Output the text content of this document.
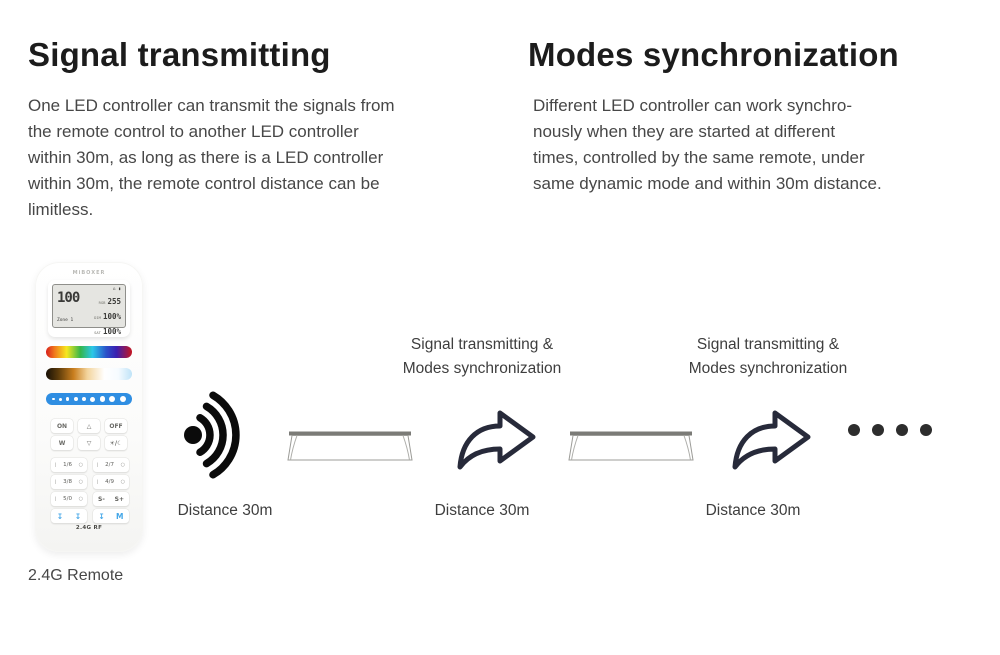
Signal transmitting
One LED controller can transmit the signals from
the remote control to another LED controller
within 30m, as long as there is a LED controller
within 30m, the remote control distance can be
limitless.
Modes synchronization
Different LED controller can work synchro-
nously when they are started at different
times, controlled by the same remote, under
same dynamic mode and within 30m distance.
MiBOXER
100
⌂ ▮
RGB 255
DIM 100%
SAT 100%
Zone 1
ON	△	OFF
W	▽	☀/☾
| 1/6 ○	| 2/7 ○
| 3/8 ○	| 4/9 ○
| 5/0 ○	S- S+
↧ ↧ ↧ M
2.4G RF
2.4G Remote
Signal transmitting &
Modes synchronization
Signal transmitting &
Modes synchronization
Distance 30m	Distance 30m	Distance 30m
